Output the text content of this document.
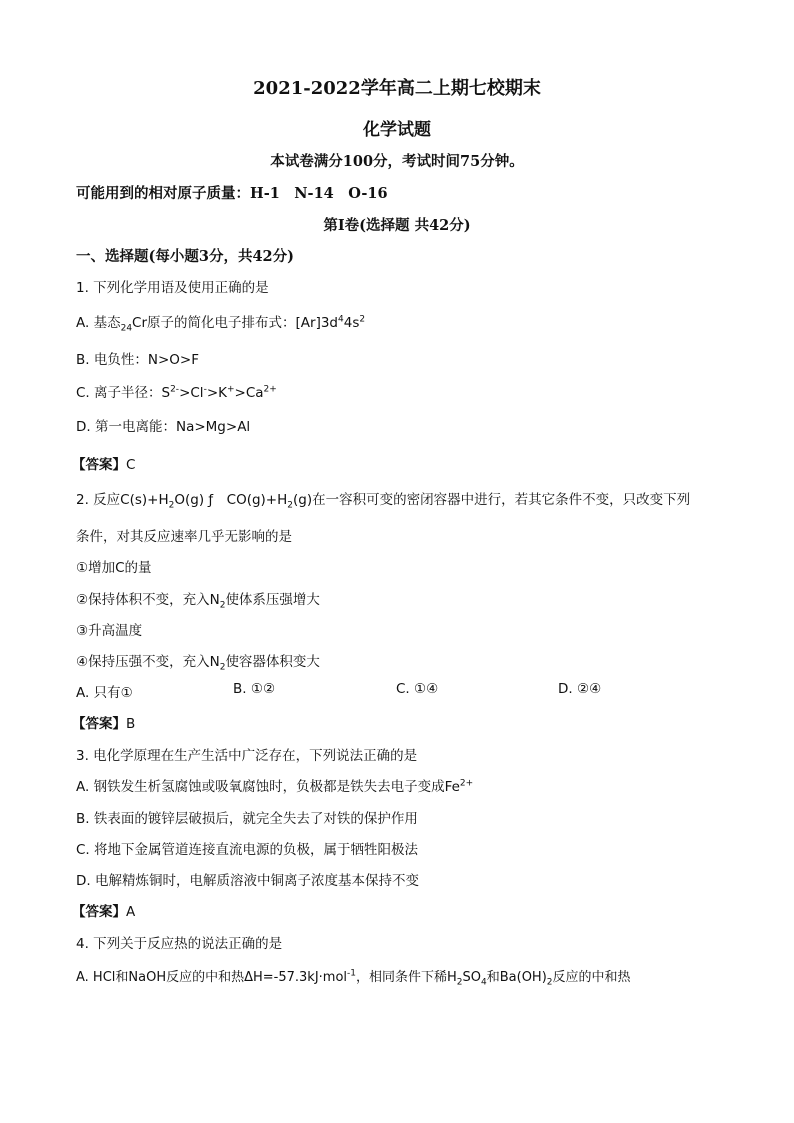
2021-2022学年高二上期七校期末
化学试题
本试卷满分100分，考试时间75分钟。
可能用到的相对原子质量：H-1　N-14　O-16
第Ⅰ卷(选择题 共42分)
一、选择题(每小题3分，共42分)
1. 下列化学用语及使用正确的是
A. 基态$_{24}$Cr原子的简化电子排布式：$[Ar]3d^44s^2$
B. 电负性：N>O>F
C. 离子半径：$S^{2-}>Cl^->K^+>Ca^{2+}$
D. 第一电离能：Na>Mg>Al
【答案】C
2. 反应$C(s)+H_2O(g)$ ƒ　$CO(g)+H_2(g)$在一容积可变的密闭容器中进行，若其它条件不变，只改变下列
条件，对其反应速率几乎无影响的是
①增加C的量
②保持体积不变，充入$N_2$使体系压强增大
③升高温度
④保持压强不变，充入$N_2$使容器体积变大
A. 只有①	B. ①②	C. ①④	D. ②④
【答案】B
3. 电化学原理在生产生活中广泛存在，下列说法正确的是
A. 钢铁发生析氢腐蚀或吸氧腐蚀时，负极都是铁失去电子变成$Fe^{2+}$
B. 铁表面的镀锌层破损后，就完全失去了对铁的保护作用
C. 将地下金属管道连接直流电源的负极，属于牺牲阳极法
D. 电解精炼铜时，电解质溶液中铜离子浓度基本保持不变
【答案】A
4. 下列关于反应热的说法正确的是
A. HCl和NaOH反应的中和热ΔH=-57.3kJ·mol$^{-1}$，相同条件下稀$H_2SO_4$和$Ba(OH)_2$反应的中和热
